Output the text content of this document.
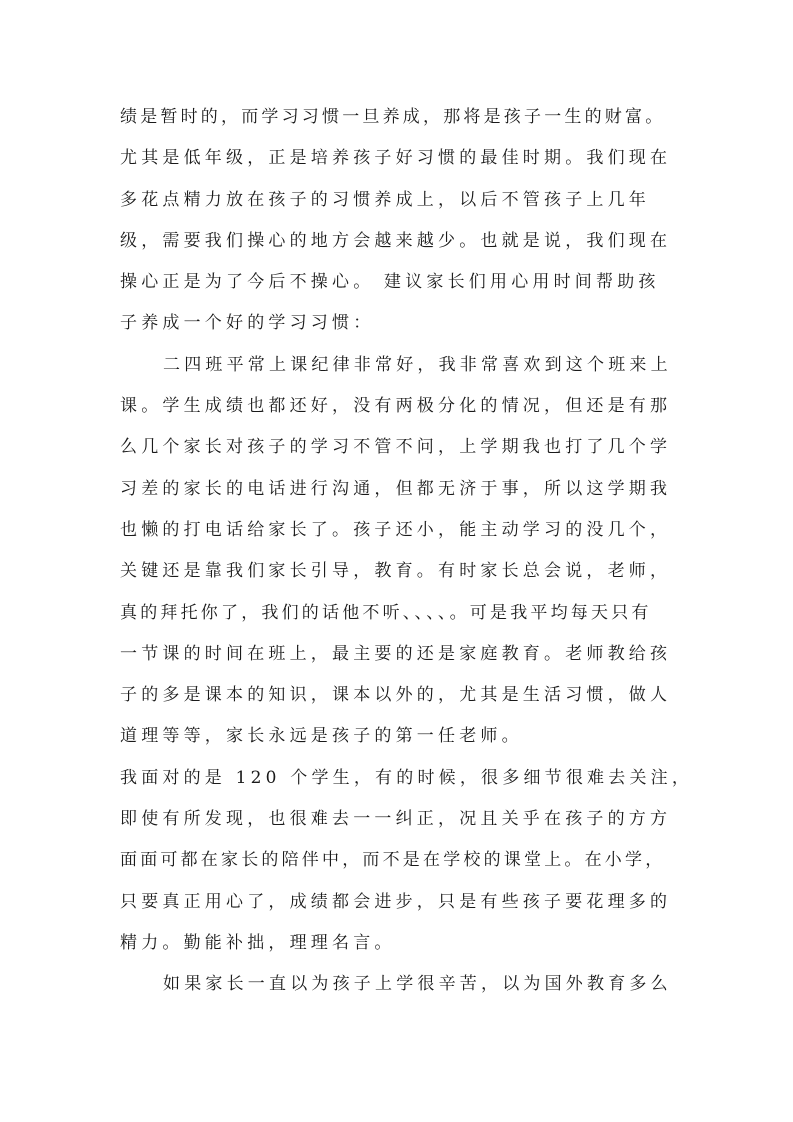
绩是暂时的，而学习习惯一旦养成，那将是孩子一生的财富。
尤其是低年级，正是培养孩子好习惯的最佳时期。我们现在
多花点精力放在孩子的习惯养成上，以后不管孩子上几年
级，需要我们操心的地方会越来越少。也就是说，我们现在
操心正是为了今后不操心。 建议家长们用心用时间帮助孩
子养成一个好的学习习惯：
二四班平常上课纪律非常好，我非常喜欢到这个班来上
课。学生成绩也都还好，没有两极分化的情况，但还是有那
么几个家长对孩子的学习不管不问，上学期我也打了几个学
习差的家长的电话进行沟通，但都无济于事，所以这学期我
也懒的打电话给家长了。孩子还小，能主动学习的没几个，
关键还是靠我们家长引导，教育。有时家长总会说，老师，
真的拜托你了，我们的话他不听、、、、。可是我平均每天只有
一节课的时间在班上，最主要的还是家庭教育。老师教给孩
子的多是课本的知识，课本以外的，尤其是生活习惯，做人
道理等等，家长永远是孩子的第一任老师。
我面对的是 120 个学生，有的时候，很多细节很难去关注，
即使有所发现，也很难去一一纠正，况且关乎在孩子的方方
面面可都在家长的陪伴中，而不是在学校的课堂上。在小学，
只要真正用心了，成绩都会进步，只是有些孩子要花理多的
精力。勤能补拙，理理名言。
如果家长一直以为孩子上学很辛苦，以为国外教育多么
